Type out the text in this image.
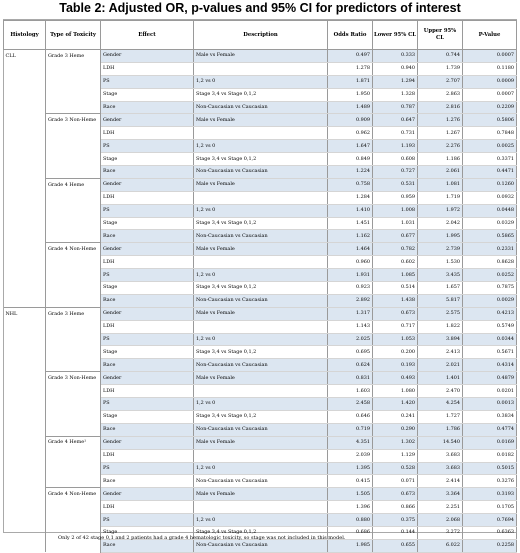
Table 2: Adjusted OR, p-values and 95% CI for predictors of interest
Histology	Type of Toxicity	Effect	Description	Odds Ratio	Lower 95% CL	Upper 95% CL	P-Value
CLL	Grade 3 Heme	Gender	Male vs Female	0.497	0.333	0.744	0.0007
		LDH		1.278	0.940	1.739	0.1180
		PS	1,2 vs 0	1.871	1.294	2.707	0.0009
		Stage	Stage 3,4 vs Stage 0,1,2	1.950	1.328	2.863	0.0007
		Race	Non-Caucasian vs Caucasian	1.489	0.787	2.816	0.2209
	Grade 3 Non-Heme	Gender	Male vs Female	0.909	0.647	1.276	0.5806
		LDH		0.962	0.731	1.267	0.7848
		PS	1,2 vs 0	1.647	1.193	2.276	0.0025
		Stage	Stage 3,4 vs Stage 0,1,2	0.849	0.608	1.186	0.3371
		Race	Non-Caucasian vs Caucasian	1.224	0.727	2.061	0.4471
	Grade 4 Heme	Gender	Male vs Female	0.758	0.531	1.081	0.1260
		LDH		1.284	0.959	1.719	0.0932
		PS	1,2 vs 0	1.410	1.008	1.972	0.0448
		Stage	Stage 3,4 vs Stage 0,1,2	1.451	1.031	2.042	0.0329
		Race	Non-Caucasian vs Caucasian	1.162	0.677	1.995	0.5865
	Grade 4 Non-Heme	Gender	Male vs Female	1.464	0.782	2.739	0.2331
		LDH		0.960	0.602	1.530	0.8628
		PS	1,2 vs 0	1.931	1.085	3.435	0.0252
		Stage	Stage 3,4 vs Stage 0,1,2	0.923	0.514	1.657	0.7875
		Race	Non-Caucasian vs Caucasian	2.892	1.438	5.817	0.0029
NHL	Grade 3 Heme	Gender	Male vs Female	1.317	0.673	2.575	0.4213
		LDH		1.143	0.717	1.822	0.5749
		PS	1,2 vs 0	2.025	1.053	3.894	0.0344
		Stage	Stage 3,4 vs Stage 0,1,2	0.695	0.200	2.413	0.5671
		Race	Non-Caucasian vs Caucasian	0.624	0.193	2.021	0.4314
	Grade 3 Non-Heme	Gender	Male vs Female	0.831	0.493	1.401	0.4879
		LDH		1.603	1.080	2.470	0.0201
		PS	1,2 vs 0	2.458	1.420	4.254	0.0013
		Stage	Stage 3,4 vs Stage 0,1,2	0.646	0.241	1.727	0.3834
		Race	Non-Caucasian vs Caucasian	0.719	0.290	1.786	0.4774
	Grade 4 Heme¹	Gender	Male vs Female	4.351	1.302	14.540	0.0169
		LDH		2.039	1.129	3.683	0.0182
		PS	1,2 vs 0	1.395	0.528	3.683	0.5015
		Race	Non-Caucasian vs Caucasian	0.415	0.071	2.414	0.3276
	Grade 4 Non-Heme	Gender	Male vs Female	1.505	0.673	3.364	0.3193
		LDH		1.396	0.866	2.251	0.1705
		PS	1,2 vs 0	0.880	0.375	2.068	0.7694
		Stage	Stage 3,4 vs Stage 0,1,2	0.686	0.144	3.272	0.6363
		Race	Non-Caucasian vs Caucasian	1.985	0.655	6.022	0.2258
Only 2 of 42 stage 0,1 and 2 patients had a grade 4 hematologic toxicity, so stage was not included in this model.
